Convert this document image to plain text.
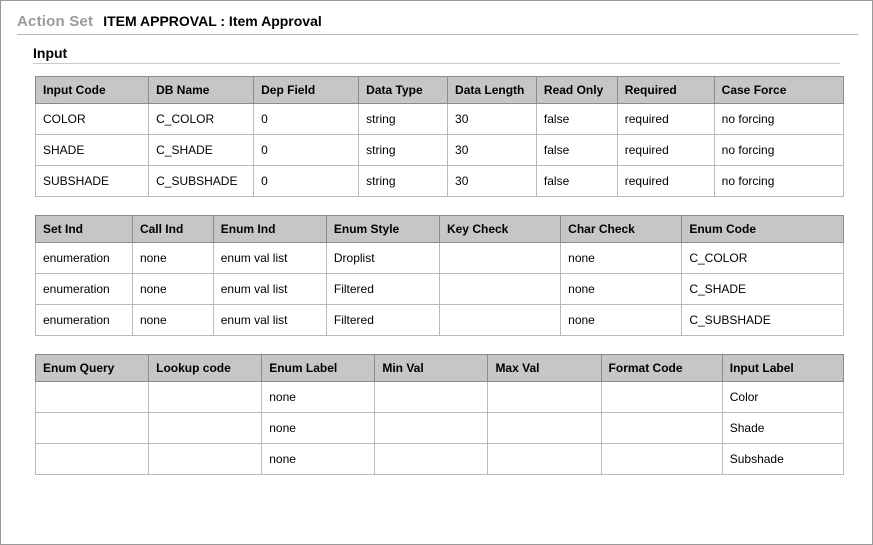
Action Set ITEM APPROVAL : Item Approval
Input
Input Code	DB Name	Dep Field	Data Type	Data Length	Read Only	Required	Case Force
COLOR	C_COLOR	0	string	30	false	required	no forcing
SHADE	C_SHADE	0	string	30	false	required	no forcing
SUBSHADE	C_SUBSHADE	0	string	30	false	required	no forcing
Set Ind	Call Ind	Enum Ind	Enum Style	Key Check	Char Check	Enum Code
enumeration	none	enum val list	Droplist		none	C_COLOR
enumeration	none	enum val list	Filtered		none	C_SHADE
enumeration	none	enum val list	Filtered		none	C_SUBSHADE
Enum Query	Lookup code	Enum Label	Min Val	Max Val	Format Code	Input Label
		none				Color
		none				Shade
		none				Subshade
